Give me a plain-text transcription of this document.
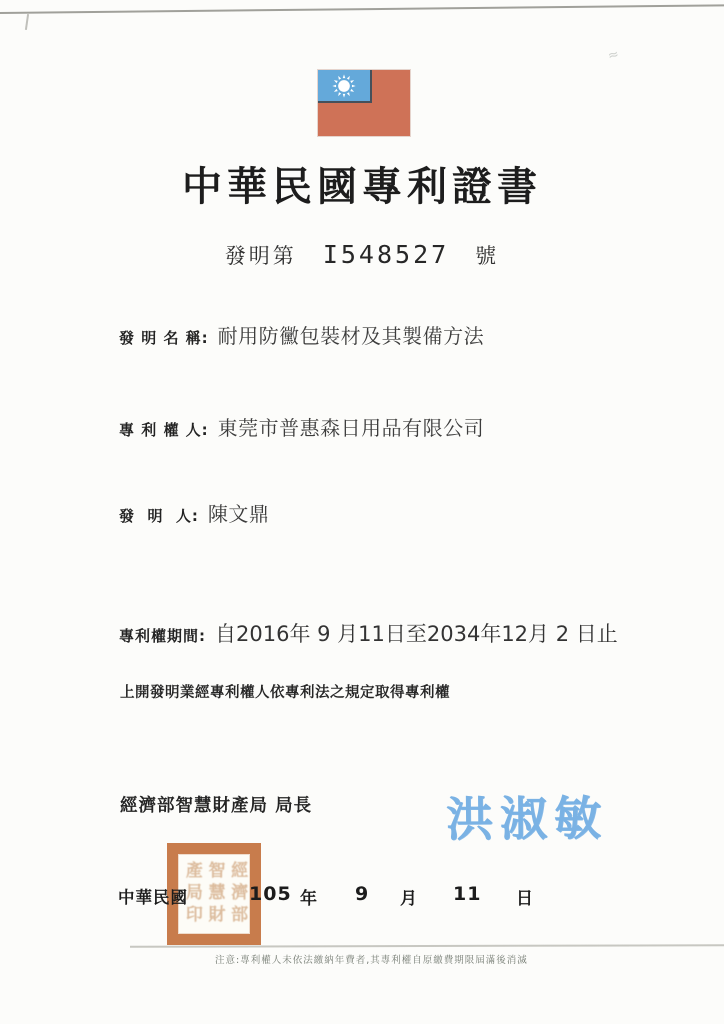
≈
中華民國專利證書
發明第 I548527 號
發 明 名 稱: 耐用防黴包裝材及其製備方法
專 利 權 人: 東莞市普惠森日用品有限公司
發  明  人: 陳文鼎
專利權期間: 自2016年 9 月11日至2034年12月 2 日止
上開發明業經專利權人依專利法之規定取得專利權
經濟部智慧財產局 局長	洪淑敏
經濟部
智慧財
產局印
中華民國	105 年 9 月 11 日
注意:專利權人未依法繳納年費者,其專利權自原繳費期限屆滿後消滅
